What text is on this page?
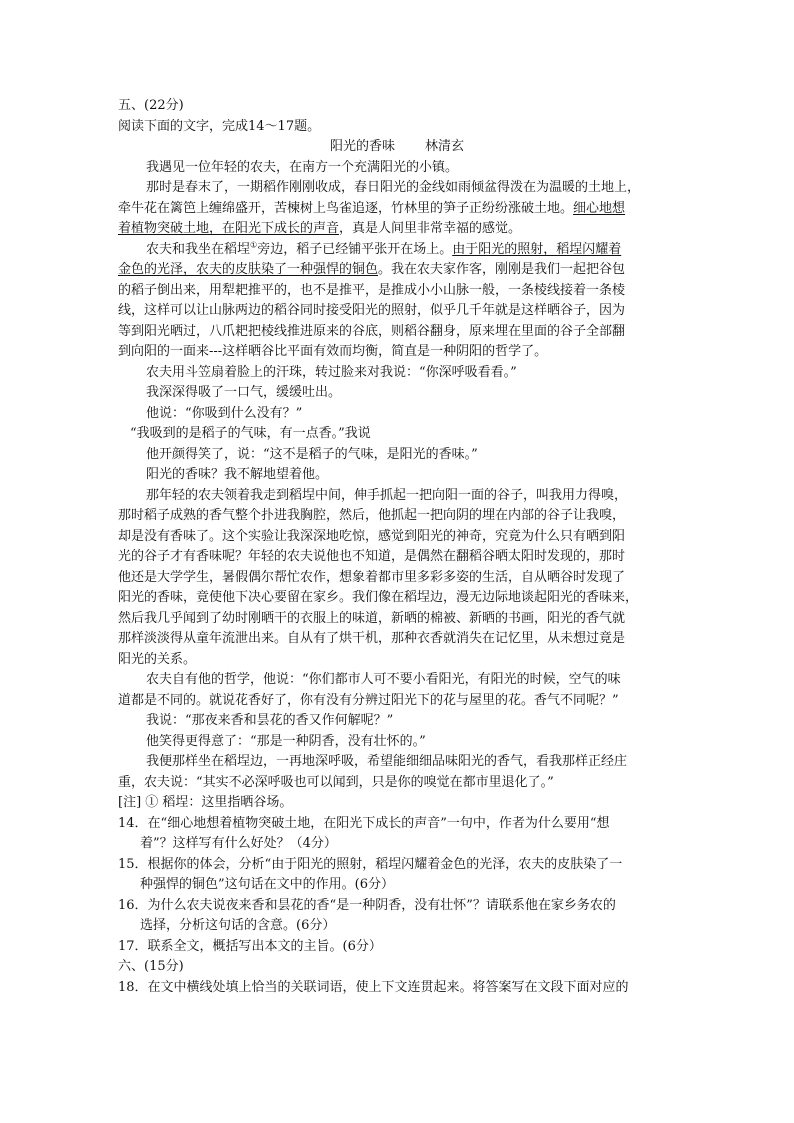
五、(22分)
阅读下面的文字，完成14～17题。
阳光的香味 林清玄
我遇见一位年轻的农夫，在南方一个充满阳光的小镇。
那时是春末了，一期稻作刚刚收成，春日阳光的金线如雨倾盆得泼在为温暖的土地上，
牵牛花在篱笆上缠绵盛开，苦楝树上鸟雀追逐，竹林里的笋子正纷纷涨破土地。细心地想
着植物突破土地，在阳光下成长的声音，真是人间里非常幸福的感觉。
农夫和我坐在稻埕①旁边，稻子已经铺平张开在场上。由于阳光的照射，稻埕闪耀着
金色的光泽，农夫的皮肤染了一种强悍的铜色。我在农夫家作客，刚刚是我们一起把谷包
的稻子倒出来，用犁耙推平的，也不是推平，是推成小小山脉一般，一条棱线接着一条棱
线，这样可以让山脉两边的稻谷同时接受阳光的照射，似乎几千年就是这样晒谷子，因为
等到阳光晒过，八爪耙把棱线推进原来的谷底，则稻谷翻身，原来埋在里面的谷子全部翻
到向阳的一面来---这样晒谷比平面有效而均衡，简直是一种阴阳的哲学了。
农夫用斗笠扇着脸上的汗珠，转过脸来对我说：“你深呼吸看看。”
我深深得吸了一口气，缓缓吐出。
他说：“你吸到什么没有？”
“我吸到的是稻子的气味，有一点香。”我说
他开颜得笑了，说：“这不是稻子的气味，是阳光的香味。”
阳光的香味？我不解地望着他。
那年轻的农夫领着我走到稻埕中间，伸手抓起一把向阳一面的谷子，叫我用力得嗅，
那时稻子成熟的香气整个扑进我胸腔，然后，他抓起一把向阴的埋在内部的谷子让我嗅，
却是没有香味了。这个实验让我深深地吃惊，感觉到阳光的神奇，究竟为什么只有晒到阳
光的谷子才有香味呢？年轻的农夫说他也不知道，是偶然在翻稻谷晒太阳时发现的，那时
他还是大学学生，暑假偶尔帮忙农作，想象着都市里多彩多姿的生活，自从晒谷时发现了
阳光的香味，竟使他下决心要留在家乡。我们像在稻埕边，漫无边际地谈起阳光的香味来，
然后我几乎闻到了幼时刚晒干的衣服上的味道，新晒的棉被、新晒的书画，阳光的香气就
那样淡淡得从童年流泄出来。自从有了烘干机，那种衣香就消失在记忆里，从未想过竟是
阳光的关系。
农夫自有他的哲学，他说：“你们都市人可不要小看阳光，有阳光的时候，空气的味
道都是不同的。就说花香好了，你有没有分辨过阳光下的花与屋里的花。香气不同呢？”
我说：“那夜来香和昙花的香又作何解呢？”
他笑得更得意了：“那是一种阴香，没有壮怀的。”
我便那样坐在稻埕边，一再地深呼吸，希望能细细品味阳光的香气，看我那样正经庄
重，农夫说：“其实不必深呼吸也可以闻到，只是你的嗅觉在都市里退化了。”
[注] ① 稻埕：这里指晒谷场。
14．在“细心地想着植物突破土地，在阳光下成长的声音”一句中，作者为什么要用“想
着”？这样写有什么好处？（4分）
15．根据你的体会，分析“由于阳光的照射，稻埕闪耀着金色的光泽，农夫的皮肤染了一
种强悍的铜色”这句话在文中的作用。(6分）
16．为什么农夫说夜来香和昙花的香“是一种阴香，没有壮怀”？请联系他在家乡务农的
选择，分析这句话的含意。(6分）
17．联系全文，概括写出本文的主旨。(6分）
六、(15分)
18．在文中横线处填上恰当的关联词语，使上下文连贯起来。将答案写在文段下面对应的
